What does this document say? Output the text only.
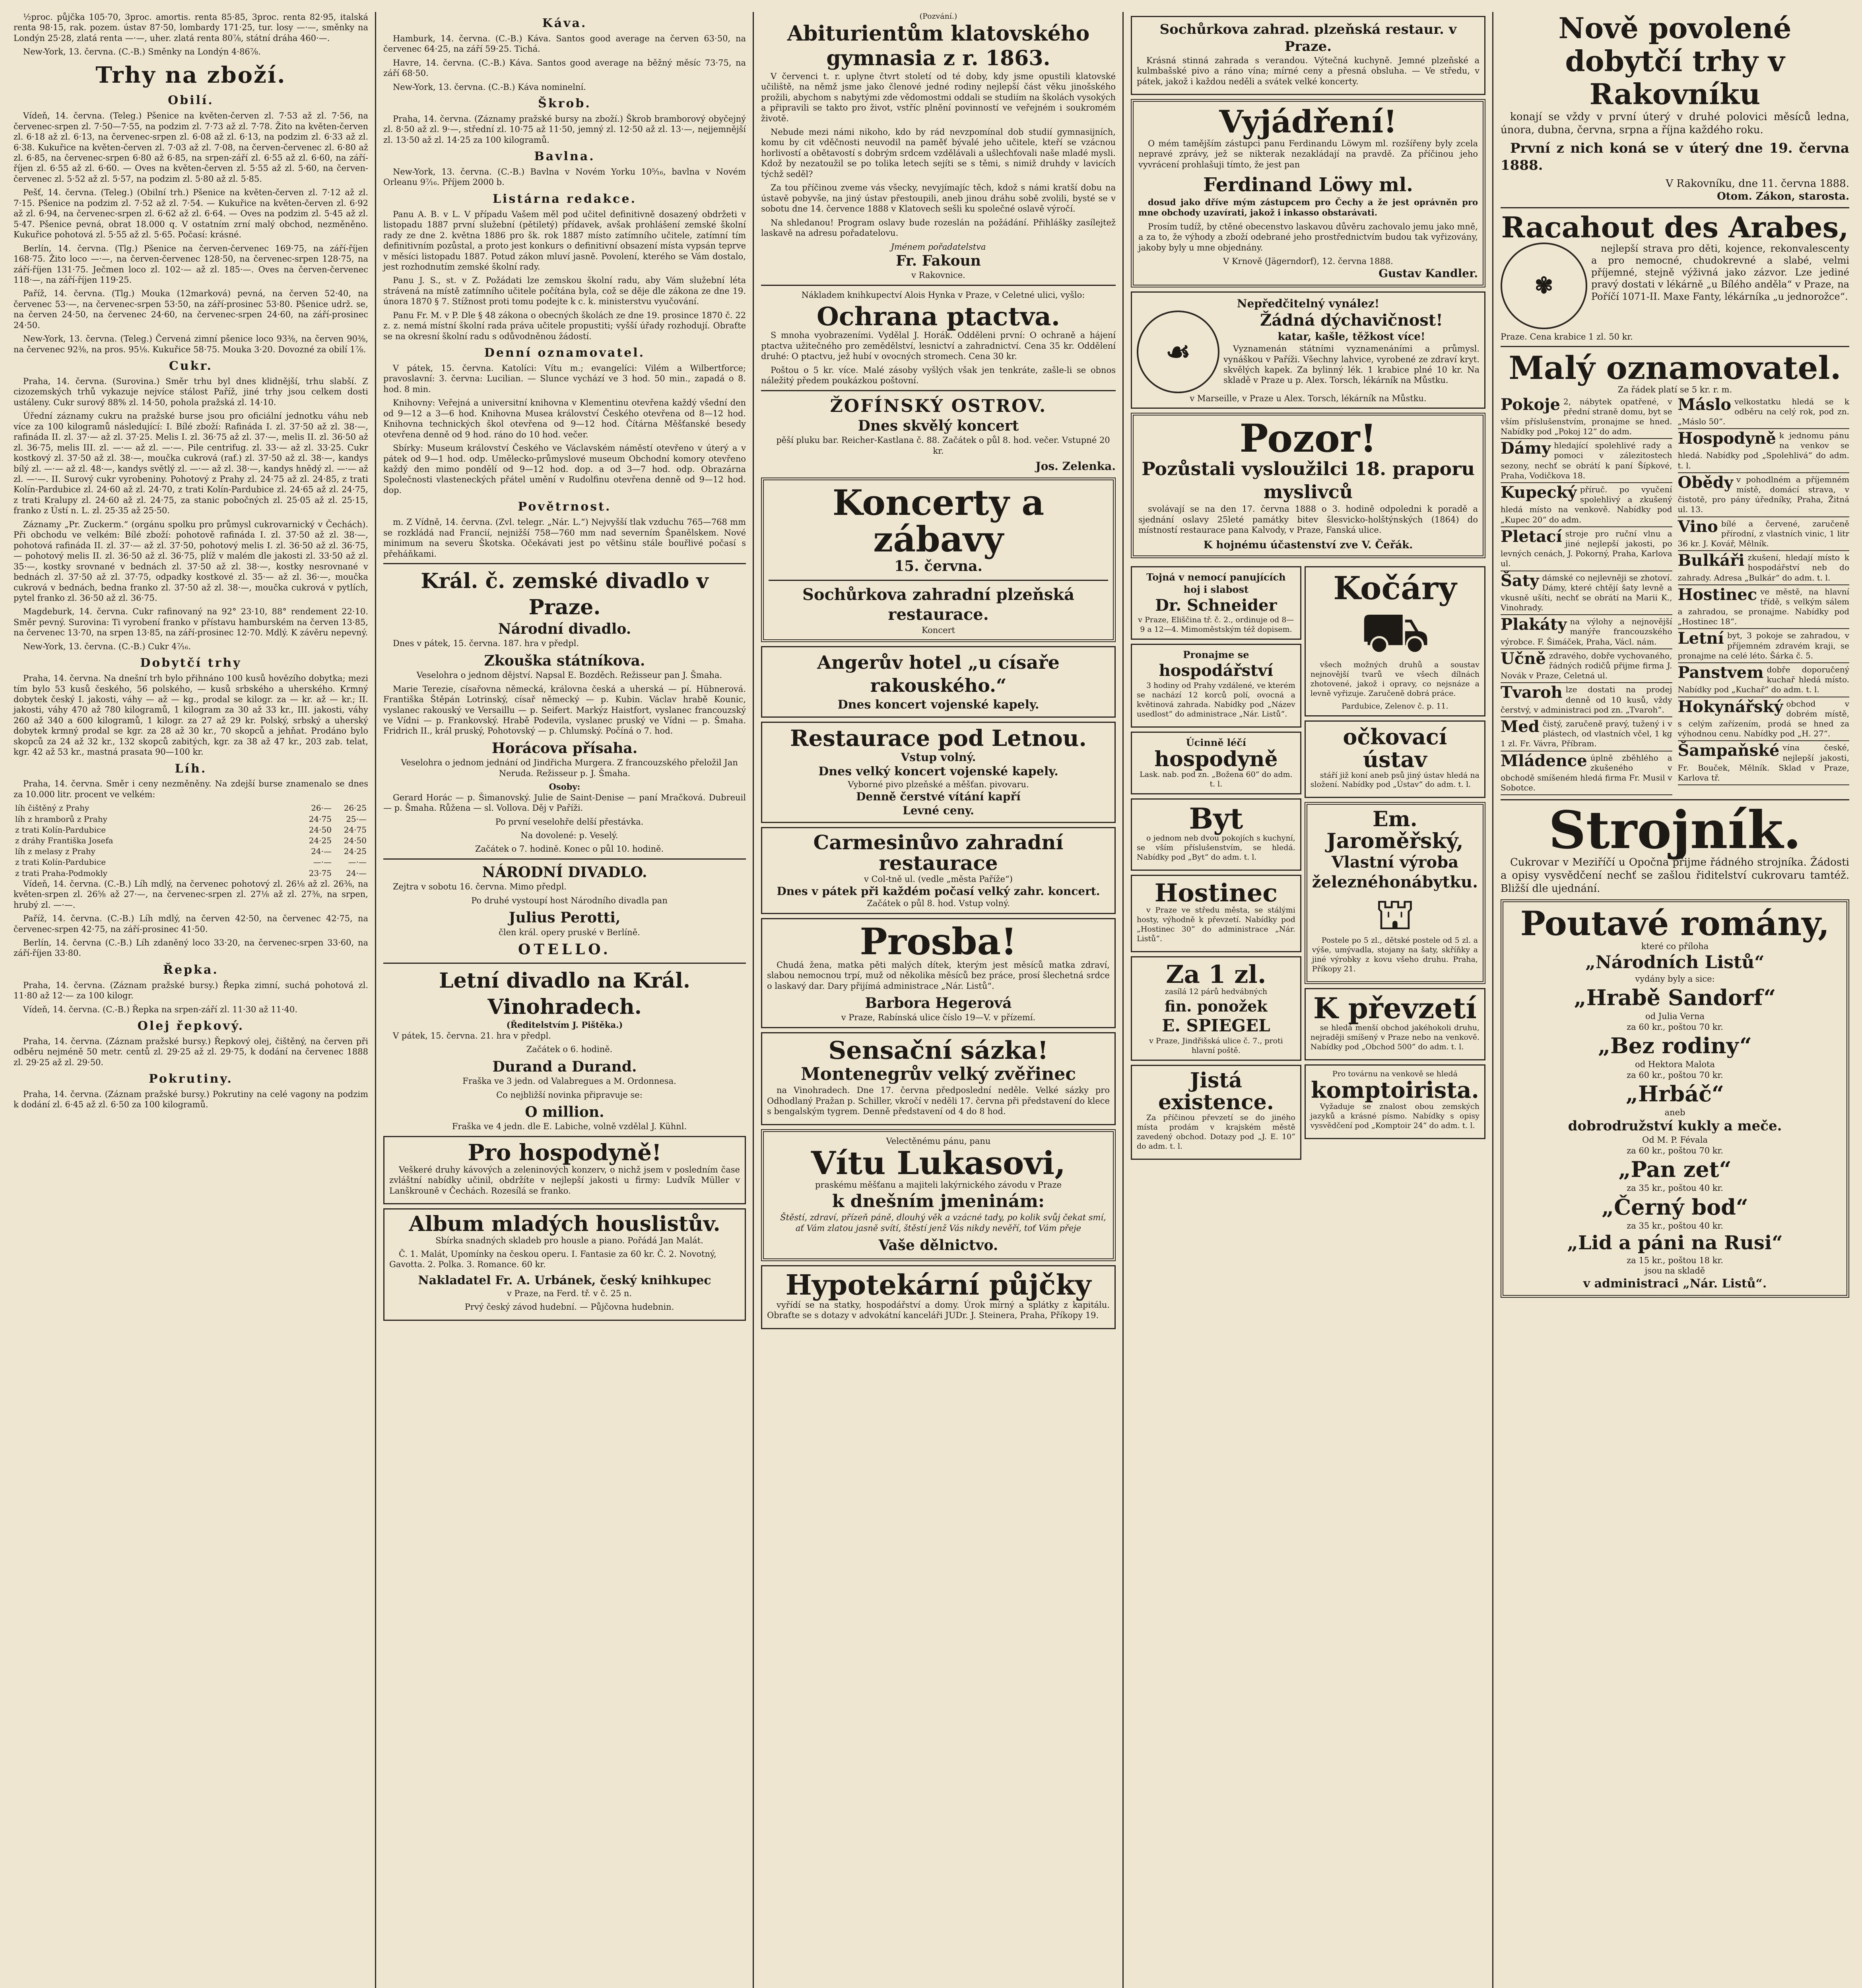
½proc. půjčka 105·70, 3proc. amortis. renta 85·85, 3proc. renta 82·95, italská renta 98·15, rak. pozem. ústav 87·50, lombardy 171·25, tur. losy —·—, směnky na Londýn 25·28, zlatá renta —·—, uher. zlatá renta 80⅞, státní dráha 460·—.

New-York, 13. června. (C.-B.) Směnky na Londýn 4·86⅞.

Trhy na zboží.
Obilí.

Vídeň, 14. června. (Teleg.) Pšenice na květen-červen zl. 7·53 až zl. 7·56, na červenec-srpen zl. 7·50—7·55, na podzim zl. 7·73 až zl. 7·78. Žito na květen-červen zl. 6·18 až zl. 6·13, na červenec-srpen zl. 6·08 až zl. 6·13, na podzim zl. 6·33 až zl. 6·38. Kukuřice na květen-červen zl. 7·03 až zl. 7·08, na červen-červenec zl. 6·80 až zl. 6·85, na červenec-srpen 6·80 až 6·85, na srpen-září zl. 6·55 až zl. 6·60, na září-říjen zl. 6·55 až zl. 6·60. — Oves na květen-červen zl. 5·55 až zl. 5·60, na červen-červenec zl. 5·52 až zl. 5·57, na podzim zl. 5·80 až zl. 5·85.

Pešť, 14. června. (Teleg.) (Obilní trh.) Pšenice na květen-červen zl. 7·12 až zl. 7·15. Pšenice na podzim zl. 7·52 až zl. 7·54. — Kukuřice na květen-červen zl. 6·92 až zl. 6·94, na červenec-srpen zl. 6·62 až zl. 6·64. — Oves na podzim zl. 5·45 až zl. 5·47. Pšenice pevná, obrat 18.000 q. V ostatním zrní malý obchod, nezměněno. Kukuřice pohotová zl. 5·55 až zl. 5·65. Počasí: krásné.

Berlín, 14. června. (Tlg.) Pšenice na červen-červenec 169·75, na září-říjen 168·75. Žito loco —·—, na červen-červenec 128·50, na červenec-srpen 128·75, na září-říjen 131·75. Ječmen loco zl. 102·— až zl. 185·—. Oves na červen-červenec 118·—, na září-říjen 119·25.

Paříž, 14. června. (Tlg.) Mouka (12marková) pevná, na červen 52·40, na červenec 53·—, na červenec-srpen 53·50, na září-prosinec 53·80. Pšenice udrž. se, na červen 24·50, na červenec 24·60, na červenec-srpen 24·60, na září-prosinec 24·50.

New-York, 13. června. (Teleg.) Červená zimní pšenice loco 93⅜, na červen 90⅜, na červenec 92⅜, na pros. 95⅛. Kukuřice 58·75. Mouka 3·20. Dovozné za obilí 1⅞.

Cukr.

Praha, 14. června. (Surovina.) Směr trhu byl dnes klidnější, trhu slabší. Z cizozemských trhů vykazuje nejvíce stálost Paříž, jiné trhy jsou celkem dosti ustáleny. Cukr surový 88% zl. 14·50, pohola pražská zl. 14·10.

Úřední záznamy cukru na pražské burse jsou pro oficiální jednotku váhu neb více za 100 kilogramů následující: I. Bílé zboží: Rafináda I. zl. 37·50 až zl. 38·—, rafináda II. zl. 37·— až zl. 37·25. Melis I. zl. 36·75 až zl. 37·—, melis II. zl. 36·50 až zl. 36·75, melis III. zl. —·— až zl. —·—. Pile centrifug. zl. 33·— až zl. 33·25. Cukr kostkový zl. 37·50 až zl. 38·—, moučka cukrová (raf.) zl. 37·50 až zl. 38·—, kandys bílý zl. —·— až zl. 48·—, kandys světlý zl. —·— až zl. 38·—, kandys hnědý zl. —·— až zl. —·—. II. Surový cukr vyrobeniny. Pohotový z Prahy zl. 24·75 až zl. 24·85, z trati Kolín-Pardubice zl. 24·60 až zl. 24·70, z trati Kolín-Pardubice zl. 24·65 až zl. 24·75, z trati Kralupy zl. 24·60 až zl. 24·75, za stanic pobočných zl. 25·05 až zl. 25·15, franko z Ústí n. L. zl. 25·35 až 25·50.

Záznamy „Pr. Zuckerm.“ (orgánu spolku pro průmysl cukrovarnický v Čechách). Při obchodu ve velkém: Bílé zboží: pohotově rafináda I. zl. 37·50 až zl. 38·—, pohotová rafináda II. zl. 37·— až zl. 37·50, pohotový melis I. zl. 36·50 až zl. 36·75, — pohotový melis II. zl. 36·50 až zl. 36·75, plíž v malém dle jakosti zl. 33·50 až zl. 35·—, kostky srovnané v bednách zl. 37·50 až zl. 38·—, kostky nesrovnané v bednách zl. 37·50 až zl. 37·75, odpadky kostkové zl. 35·— až zl. 36·—, moučka cukrová v bednách, bedna franko zl. 37·50 až zl. 38·—, moučka cukrová v pytlích, pytel franko zl. 36·50 až zl. 36·75.

Magdeburk, 14. června. Cukr rafinovaný na 92° 23·10, 88° rendement 22·10. Směr pevný. Surovina: Ti vyrobení franko v přístavu hamburském na červen 13·85, na červenec 13·70, na srpen 13·85, na září-prosinec 12·70. Mdlý. K závěru nepevný.

New-York, 13. června. (C.-B.) Cukr 4⁷⁄₁₆.

Dobytčí trhy

Praha, 14. června. Na dnešní trh bylo přihnáno 100 kusů hovězího dobytka; mezi tím bylo 53 kusů českého, 56 polského, — kusů srbského a uherského. Krmný dobytek český I. jakosti, váhy — až — kg., prodal se kilogr. za — kr. až — kr.; II. jakosti, váhy 470 až 780 kilogramů, 1 kilogram za 30 až 33 kr., III. jakosti, váhy 260 až 340 a 600 kilogramů, 1 kilogr. za 27 až 29 kr. Polský, srbský a uherský dobytek krmný prodal se kgr. za 28 až 30 kr., 70 skopců a jehňat. Prodáno bylo skopců za 24 až 32 kr., 132 skopců zabitých, kgr. za 38 až 47 kr., 203 zab. telat, kgr. 42 až 53 kr., mastná prasata 90—100 kr.

Líh.

Praha, 14. června. Směr i ceny nezměněny. Na zdejší burse znamenalo se dnes za 10.000 litr. procent ve velkém:

líh čištěný z Prahy	26·—	26·25
líh z hramborů z Prahy	24·75	25·—
z trati Kolín-Pardubice	24·50	24·75
z dráhy Františka Josefa	24·25	24·50
líh z melasy z Prahy	24·—	24·25
z trati Kolín-Pardubice	—·—	—·—
z trati Praha-Podmokly	23·75	24·—

Vídeň, 14. června. (C.-B.) Líh mdlý, na červenec pohotový zl. 26⅛ až zl. 26⅜, na květen-srpen zl. 26⅝ až 27·—, na červenec-srpen zl. 27⅛ až zl. 27⅜, na srpen, hrubý zl. —·—.

Paříž, 14. června. (C.-B.) Líh mdlý, na červen 42·50, na červenec 42·75, na červenec-srpen 42·75, na září-prosinec 41·50.

Berlín, 14. června (C.-B.) Líh zdaněný loco 33·20, na červenec-srpen 33·60, na září-říjen 33·80.

Řepka.

Praha, 14. června. (Záznam pražské bursy.) Řepka zimní, suchá pohotová zl. 11·80 až 12·— za 100 kilogr.

Vídeň, 14. června. (C.-B.) Řepka na srpen-září zl. 11·30 až 11·40.

Olej řepkový.

Praha, 14. června. (Záznam pražské bursy.) Řepkový olej, čištěný, na červen při odběru nejméně 50 metr. centů zl. 29·25 až zl. 29·75, k dodání na červenec 1888 zl. 29·25 až zl. 29·50.

Pokrutiny.

Praha, 14. června. (Záznam pražské bursy.) Pokrutiny na celé vagony na podzim k dodání zl. 6·45 až zl. 6·50 za 100 kilogramů.

Káva.

Hamburk, 14. června. (C.-B.) Káva. Santos good average na červen 63·50, na červenec 64·25, na září 59·25. Tichá.

Havre, 14. června. (C.-B.) Káva. Santos good average na běžný měsíc 73·75, na září 68·50.

New-York, 13. června. (C.-B.) Káva nominelní.

Škrob.

Praha, 14. června. (Záznamy pražské bursy na zboží.) Škrob bramborový obyčejný zl. 8·50 až zl. 9·—, střední zl. 10·75 až 11·50, jemný zl. 12·50 až zl. 13·—, nejjemnější zl. 13·50 až zl. 14·25 za 100 kilogramů.

Bavlna.

New-York, 13. června. (C.-B.) Bavlna v Novém Yorku 10⁵⁄₁₆, bavlna v Novém Orleanu 9⁷⁄₁₆. Příjem 2000 b.

Listárna redakce.

Panu A. B. v L. V případu Vašem měl pod učitel definitivně dosazený obdržeti v listopadu 1887 první služební (pětiletý) přídavek, avšak prohlášení zemské školní rady ze dne 2. května 1886 pro šk. rok 1887 místo zatímního učitele, zatímní tím definitivním pozůstal, a proto jest konkurs o definitivní obsazení místa vypsán teprve v měsíci listopadu 1887. Potud zákon mluví jasně. Povolení, kterého se Vám dostalo, jest rozhodnutím zemské školní rady.

Panu J. S., st. v Z. Požádati lze zemskou školní radu, aby Vám služební léta strávená na místě zatímního učitele počítána byla, což se děje dle zákona ze dne 19. února 1870 § 7. Stížnost proti tomu podejte k c. k. ministerstvu vyučování.

Panu Fr. M. v P. Dle § 48 zákona o obecných školách ze dne 19. prosince 1870 č. 22 z. z. nemá místní školní rada práva učitele propustiti; vyšší úřady rozhodují. Obraťte se na okresní školní radu s odůvodněnou žádostí.

Denní oznamovatel.

V pátek, 15. června. Katolíci: Vítu m.; evangelíci: Vilém a Wilbertforce; pravoslavní: 3. června: Lucilian. — Slunce vychází ve 3 hod. 50 min., zapadá o 8. hod. 8 min.

Knihovny: Veřejná a universitní knihovna v Klementinu otevřena každý všední den od 9—12 a 3—6 hod. Knihovna Musea království Českého otevřena od 8—12 hod. Knihovna technických škol otevřena od 9—12 hod. Čítárna Měšťanské besedy otevřena denně od 9 hod. ráno do 10 hod. večer.

Sbírky: Museum království Českého ve Václavském náměstí otevřeno v úterý a v pátek od 9—1 hod. odp. Umělecko-průmyslové museum Obchodní komory otevřeno každý den mimo pondělí od 9—12 hod. dop. a od 3—7 hod. odp. Obrazárna Společnosti vlasteneckých přátel umění v Rudolfinu otevřena denně od 9—12 hod. dop.

Povětrnost.

m. Z Vídně, 14. června. (Zvl. telegr. „Nár. L.“) Nejvyšší tlak vzduchu 765—768 mm se rozkládá nad Francií, nejnižší 758—760 mm nad severním Španělskem. Nové minimum na severu Škotska. Očekávati jest po většinu stále bouřlivé počasí s přeháňkami.

Král. č. zemské divadlo v Praze.
Národní divadlo.

Dnes v pátek, 15. června. 187. hra v předpl.

Zkouška státníkova.

Veselohra o jednom dějství. Napsal E. Bozděch. Režisseur pan J. Šmaha.

Marie Terezie, císařovna německá, královna česká a uherská — pí. Hübnerová. Františka Štěpán Lotrinský, císař německý — p. Kubin. Václav hrabě Kounic, vyslanec rakouský ve Versaillu — p. Seifert. Markýz Haistfort, vyslanec francouzský ve Vídni — p. Frankovský. Hrabě Podevila, vyslanec pruský ve Vídni — p. Šmaha. Fridrich II., král pruský, Pohotovský — p. Chlumský. Počíná o 7. hod.

Horácova přísaha.

Veselohra o jednom jednání od Jindřicha Murgera. Z francouzského přeložil Jan Neruda. Režisseur p. J. Šmaha.

Osoby:

Gerard Horác — p. Šimanovský. Julie de Saint-Denise — paní Mračková. Dubreuil — p. Šmaha. Růžena — sl. Vollova. Děj v Paříži.

Po první veselohře delší přestávka.

Na dovolené: p. Veselý.

Začátek o 7. hodině. Konec o půl 10. hodině.

NÁRODNÍ DIVADLO.

Zejtra v sobotu 16. června. Mimo předpl.

Po druhé vystoupí host Národního divadla pan

Julius Perotti,

člen král. opery pruské v Berlíně.

OTELLO.
Letní divadlo na Král. Vinohradech.
(Ředitelstvím J. Pištěka.)

V pátek, 15. června. 21. hra v předpl.

Začátek o 6. hodině.

Durand a Durand.

Fraška ve 3 jedn. od Valabregues a M. Ordonnesa.

Co nejbližší novinka připravuje se:

O million.

Fraška ve 4 jedn. dle E. Labiche, volně vzdělal J. Kühnl.

Pro hospodyně!

Veškeré druhy kávových a zeleninových konzerv, o nichž jsem v posledním čase zvláštní nabídky učinil, obdržíte v nejlepší jakosti u firmy: Ludvík Müller v Lanškrouně v Čechách. Rozesílá se franko.

Album mladých houslistův.

Sbírka snadných skladeb pro housle a piano. Pořádá Jan Malát.

Č. 1. Malát, Upomínky na českou operu. I. Fantasie za 60 kr. Č. 2. Novotný, Gavotta. 2. Polka. 3. Romance. 60 kr.

Nakladatel Fr. A. Urbánek, český knihkupec

v Praze, na Ferd. tř. v č. 25 n.

Prvý český závod hudební. — Půjčovna hudebnin.

(Pozvání.)
Abiturientům klatovského gymnasia z r. 1863.

V červenci t. r. uplyne čtvrt století od té doby, kdy jsme opustili klatovské učiliště, na němž jsme jako členové jedné rodiny nejlepší část věku jinošského prožili, abychom s nabytými zde vědomostmi oddali se studiím na školách vysokých a připravili se takto pro život, vstříc plnění povinností ve veřejném i soukromém životě.

Nebude mezi námi nikoho, kdo by rád nevzpomínal dob studií gymnasijních, komu by cit vděčnosti neuvodil na paměť bývalé jeho učitele, kteří se vzácnou horlivostí a obětavostí s dobrým srdcem vzdělávali a ušlechťovali naše mladé mysli. Kdož by nezatoužil se po tolika letech sejíti se s těmi, s nimiž druhdy v lavicích týchž seděl?

Za tou příčinou zveme vás všecky, nevyjímajíc těch, kdož s námi kratší dobu na ústavě pobyvše, na jiný ústav přestoupili, aneb jinou dráhu sobě zvolili, bysté se v sobotu dne 14. července 1888 v Klatovech sešli ku společné oslavě výročí.

Na shledanou! Program oslavy bude rozeslán na požádání. Přihlášky zasílejtež laskavě na adresu pořadatelovu.

Jménem pořadatelstva
Fr. Fakoun
v Rakovnice.

Nákladem knihkupectví Alois Hynka v Praze, v Celetné ulici, vyšlo:

Ochrana ptactva.

S mnoha vyobrazeními. Vydělal J. Horák. Odděleni první: O ochraně a hájení ptactva užitečného pro zemědělství, lesnictví a zahradnictví. Cena 35 kr. Oddělení druhé: O ptactvu, jež hubí v ovocných stromech. Cena 30 kr.

Poštou o 5 kr. více. Malé zásoby vyšlých však jen tenkráte, zašle-li se obnos náležitý předem poukázkou poštovní.

ŽOFÍNSKÝ OSTROV.
Dnes skvělý koncert

pěší pluku bar. Reicher-Kastlana č. 88. Začátek o půl 8. hod. večer. Vstupné 20 kr.

Jos. Zelenka.
Koncerty a zábavy
15. června.
Sochůrkova zahradní plzeňská restaurace.
Koncert
Angerův hotel „u císaře rakouského.“
Dnes koncert vojenské kapely.
Restaurace pod Letnou.
Vstup volný.
Dnes velký koncert vojenské kapely.
Vyborné pivo plzeňské a měšťan. pivovaru.
Denně čerstvé vítání kapří
Levné ceny.
Carmesinůvo zahradní restaurace
v Col-tně ul. (vedle „města Paříže“)
Dnes v pátek při každém počasí velký zahr. koncert.
Začátek o půl 8. hod. Vstup volný.
Prosba!

Chudá žena, matka pěti malých dítek, kterým jest měsíců matka zdraví, slabou nemocnou trpí, muž od několika měsíců bez práce, prosí šlechetná srdce o laskavý dar. Dary přijímá administrace „Nár. Listů“.

Barbora Hegerová
v Praze, Rabínská ulice číslo 19—V. v přízemí.
Sensační sázka!
Montenegrův velký zvěřinec

na Vinohradech. Dne 17. června předposlední neděle. Velké sázky pro Odhodlaný Pražan p. Schiller, vkročí v neděli 17. června při představení do klece s bengalským tygrem. Denně představení od 4 do 8 hod.

Velectěnému pánu, panu
Vítu Lukasovi,
praskému měšťanu a majiteli lakýrnického závodu v Praze
k dnešním jmeninám:

Štěstí, zdraví, přízeň páně, dlouhý věk a vzácné tady, po kolik svůj čekat smí, ať Vám zlatou jasně svítí, štěstí jenž Vás nikdy nevěří, toť Vám přeje

Vaše dělnictvo.
Hypotekární půjčky

vyřídí se na statky, hospodářství a domy. Úrok mírný a splátky z kapitálu. Obraťte se s dotazy v advokátní kanceláři JUDr. J. Steinera, Praha, Příkopy 19.

Sochůrkova zahrad. plzeňská restaur. v Praze.

Krásná stinná zahrada s verandou. Výtečná kuchyně. Jemné plzeňské a kulmbašské pivo a ráno vína; mírné ceny a přesná obsluha. — Ve středu, v pátek, jakož i každou neděli a svátek velké koncerty.

Vyjádření!

O mém tamějším zástupci panu Ferdinandu Löwym ml. rozšířeny byly zcela nepravé zprávy, jež se nikterak nezakládají na pravdě. Za příčinou jeho vyvrácení prohlašuji tímto, že jest pan

Ferdinand Löwy ml.

dosud jako dříve mým zástupcem pro Čechy a že jest oprávněn pro mne obchody uzavírati, jakož i inkasso obstarávati.

Prosím tudíž, by ctěné obecenstvo laskavou důvěru zachovalo jemu jako mně, a za to, že výhody a zboží odebrané jeho prostřednictvím budou tak vyřizovány, jakoby byly u mne objednány.

V Krnově (Jägerndorf), 12. června 1888.
Gustav Kandler.
Nepředčitelný vynález!
☙
Žádná dýchavičnost!
katar, kašle, těžkost více!

Vyznamenán státními vyznamenáními a průmysl. vynáškou v Paříži. Všechny lahvice, vyrobené ze zdraví kryt. skvělých kapek. Za bylinný lék. 1 krabice plné 10 kr. Na skladě v Praze u p. Alex. Torsch, lékárník na Můstku.

v Marseille, v Praze u Alex. Torsch, lékárník na Můstku.
Pozor!
Pozůstali vysloužilci 18. praporu myslivců

svolávají se na den 17. června 1888 o 3. hodině odpoledni k poradě a sjednání oslavy 25leté památky bitev šlesvicko-holštýnských (1864) do místností restaurace pana Kalvody, v Praze, Fanská ulice.

K hojnému účastenství zve V. Čeřák.
Tojná v nemocí panujících
hoj i slabost
Dr. Schneider
v Praze, Eliščina tř. č. 2., ordinuje od 8—9 a 12—4. Mimoměstským též dopisem.
Pronajme se
hospodářství

3 hodiny od Prahy vzdálené, ve kterém se nachází 12 korců polí, ovocná a květinová zahrada. Nabídky pod „Název usedlost“ do administrace „Nár. Listů“.

Úcinně léčí
hospodyně
Lask. nab. pod zn. „Božena 60“ do adm. t. l.
Byt

o jednom neb dvou pokojích s kuchyní, se vším příslušenstvím, se hledá. Nabídky pod „Byt“ do adm. t. l.

Hostinec

v Praze ve středu města, se stálými hosty, výhodně k převzetí. Nabídky pod „Hostinec 30“ do administrace „Nár. Listů“.

Za 1 zl.
zasílá 12 párů hedvábných
fin. ponožek
E. SPIEGEL
v Praze, Jindřišská ulice č. 7., proti hlavní poště.
Jistá existence.

Za příčinou převzetí se do jiného místa prodám v krajském městě zavedený obchod. Dotazy pod „J. E. 10“ do adm. t. l.

Kočáry
⛟

všech možných druhů a soustav nejnovější tvarů ve všech dílnách zhotovené, jakož i opravy, co nejsnáze a levně vyřizuje. Zaručeně dobrá práce.

Pardubice, Zelenov č. p. 11.
očkovací ústav

stáří již koní aneb psů jiný ústav hledá na složení. Nabídky pod „Ústav“ do adm. t. l.

Em. Jaroměřský,
Vlastní výroba železnéhonábytku.
⛫

Postele po 5 zl., dětské postele od 5 zl. a výše, umývadla, stojany na šaty, skříňky a jiné výrobky z kovu všeho druhu. Praha, Příkopy 21.

K převzetí

se hledá menší obchod jakéhokoli druhu, nejraději smíšený v Praze nebo na venkově. Nabídky pod „Obchod 500“ do adm. t. l.

Pro továrnu na venkově se hledá
komptoiristа.

Vyžaduje se znalost obou zemských jazyků a krásné písmo. Nabídky s opisy vysvědčení pod „Komptoir 24“ do adm. t. l.

Nově povolené dobytčí trhy v Rakovníku

konají se vždy v první úterý v druhé polovici měsíců ledna, února, dubna, června, srpna a října každého roku.

První z nich koná se v úterý dne 19. června 1888.

V Rakovníku, dne 11. června 1888.
Otom. Zákon, starosta.
Racahout des Arabes,
✾

nejlepší strava pro děti, kojence, rekonvalescenty a pro nemocné, chudokrevné a slabé, velmi příjemné, stejně výživná jako zázvor. Lze jediné pravý dostati v lékárně „u Bílého anděla“ v Praze, na Poříčí 1071-II. Maxe Fanty, lékárníka „u jednorožce“.

Praze. Cena krabice 1 zl. 50 kr.
Malý oznamovatel.
Za řádek platí se 5 kr. r. m.
Pokoje 2, nábytek opatřené, v přední straně domu, byt se vším příslušenstvím, pronajme se hned. Nabídky pod „Pokoj 12“ do adm.
Dámy hledající spolehlivé rady a pomoci v zálezitostech sezony, nechť se obrátí k paní Šípkové, Praha, Vodičkova 18.
Kupecký příruč. po vyučení spolehlivý a zkušený hledá místo na venkově. Nabídky pod „Kupec 20“ do adm.
Pletací stroje pro ruční vlnu a jiné nejlepší jakosti, po levných cenách, J. Pokorný, Praha, Karlova ul.
Šaty dámské co nejlevněji se zhotoví. Dámy, které chtějí šaty levně a vkusně ušíti, nechť se obrátí na Marii K., Vinohrady.
Plakáty na výlohy a nejnovější manýře francouzského výrobce. F. Šimáček, Praha, Václ. nám.
Učně zdravého, dobře vychovaného, řádných rodičů přijme firma J. Novák v Praze, Celetná ul.
Tvaroh lze dostati na prodej denně od 10 kusů, vždy čerstvý, v administraci pod zn. „Tvaroh“.
Med čistý, zaručeně pravý, tužený i v plástech, od vlastních včel, 1 kg 1 zl. Fr. Vávra, Příbram.
Mládence úplně zběhlého a zkušeného v obchodě smíšeném hledá firma Fr. Musil v Sobotce.
Máslo velkostatku hledá se k odběru na celý rok, pod zn. „Máslo 50“.
Hospodyně k jednomu pánu na venkov se hledá. Nabídky pod „Spolehlivá“ do adm. t. l.
Obědy v pohodlném a příjemném místě, domácí strava, v čistotě, pro pány úředníky, Praha, Žitná ul. 13.
Vino bílé a červené, zaručeně přírodní, z vlastních vinic, 1 litr 36 kr. J. Kovář, Mělník.
Bulkáři zkušení, hledají místo k hospodářství neb do zahrady. Adresa „Bulkár“ do adm. t. l.
Hostinec ve městě, na hlavní třídě, s velkým sálem a zahradou, se pronajme. Nabídky pod „Hostinec 18“.
Letní byt, 3 pokoje se zahradou, v příjemném zdravém kraji, se pronajme na celé léto. Šárka č. 5.
Panstvem dobře doporučený kuchař hledá místo. Nabídky pod „Kuchař“ do adm. t. l.
Hokynářský obchod v dobrém místě, s celým zařízením, prodá se hned za výhodnou cenu. Nabídky pod „H. 27“.
Šampaňské vína české, nejlepší jakosti, Fr. Bouček, Mělník. Sklad v Praze, Karlova tř.
Strojník.

Cukrovar v Meziříčí u Opočna přijme řádného strojníka. Žádosti a opisy vysvědčení nechť se zašlou řiditelství cukrovaru tamtéž. Bližší dle ujednání.

Poutavé romány,
které co příloha
„Národních Listů“
vydány byly a sice:
„Hrabě Sandorf“
od Julia Verna
za 60 kr., poštou 70 kr.
„Bez rodiny“
od Hektora Malota
za 60 kr., poštou 70 kr.
„Hrbáč“
aneb
dobrodružství kukly a meče.
Od M. P. Févala
za 60 kr., poštou 70 kr.
„Pan zet“
za 35 kr., poštou 40 kr.
„Černý bod“
za 35 kr., poštou 40 kr.
„Lid a páni na Rusi“
za 15 kr., poštou 18 kr.
jsou na skladě
v administraci „Nár. Listů“.
